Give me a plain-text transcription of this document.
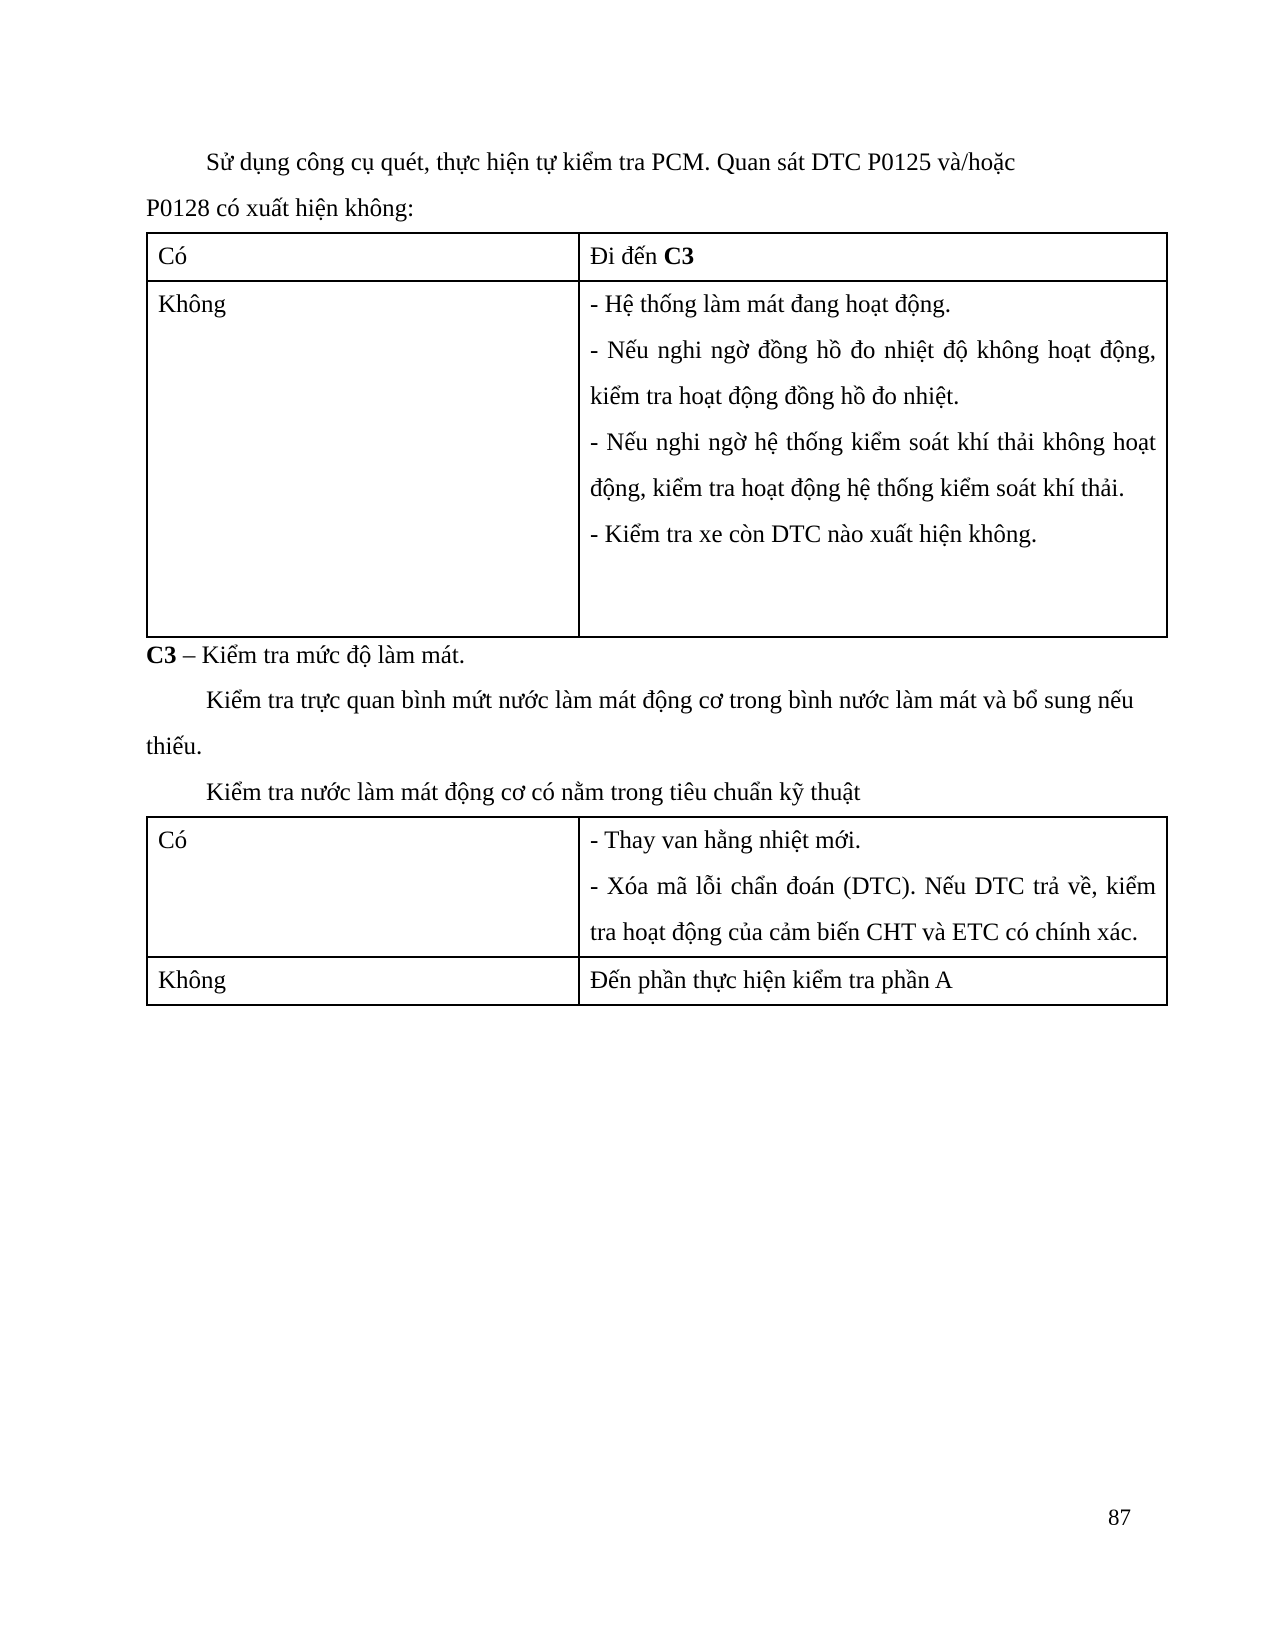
Sử dụng công cụ quét, thực hiện tự kiểm tra PCM. Quan sát DTC P0125 và/hoặc
P0128 có xuất hiện không:

Có	Đi đến C3
Không	- Hệ thống làm mát đang hoạt động.
- Nếu nghi ngờ đồng hồ đo nhiệt độ không hoạt động, kiểm tra hoạt động đồng hồ đo nhiệt.
- Nếu nghi ngờ hệ thống kiểm soát khí thải không hoạt động, kiểm tra hoạt động hệ thống kiểm soát khí thải.
- Kiểm tra xe còn DTC nào xuất hiện không.

C3 – Kiểm tra mức độ làm mát.

Kiểm tra trực quan bình mứt nước làm mát động cơ trong bình nước làm mát và bổ sung nếu thiếu.

Kiểm tra nước làm mát động cơ có nằm trong tiêu chuẩn kỹ thuật

Có	- Thay van hằng nhiệt mới.
- Xóa mã lỗi chẩn đoán (DTC). Nếu DTC trả về, kiểm tra hoạt động của cảm biến CHT và ETC có chính xác.

Không	Đến phần thực hiện kiểm tra phần A
87
